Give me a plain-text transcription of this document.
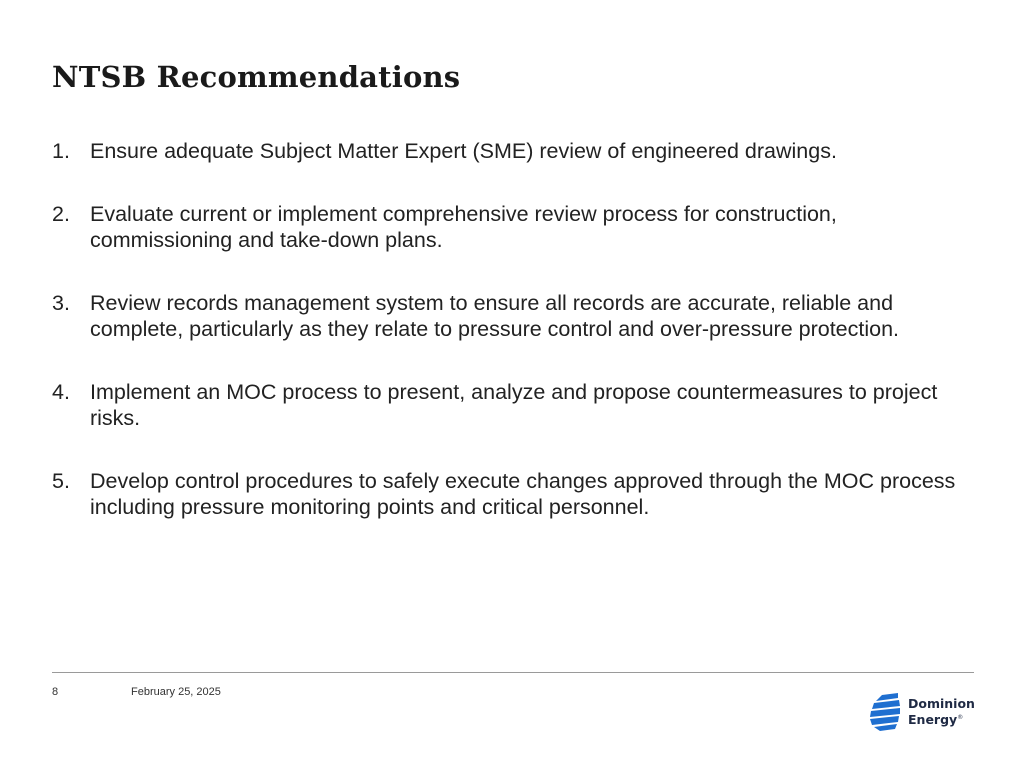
NTSB Recommendations
1. Ensure adequate Subject Matter Expert (SME) review of engineered drawings.
2. Evaluate current or implement comprehensive review process for construction, commissioning and take-down plans.
3. Review records management system to ensure all records are accurate, reliable and complete, particularly as they relate to pressure control and over-pressure protection.
4. Implement an MOC process to present, analyze and propose countermeasures to project risks.
5. Develop control procedures to safely execute changes approved through the MOC process including pressure monitoring points and critical personnel.
8	February 25, 2025
Dominion
Energy®
